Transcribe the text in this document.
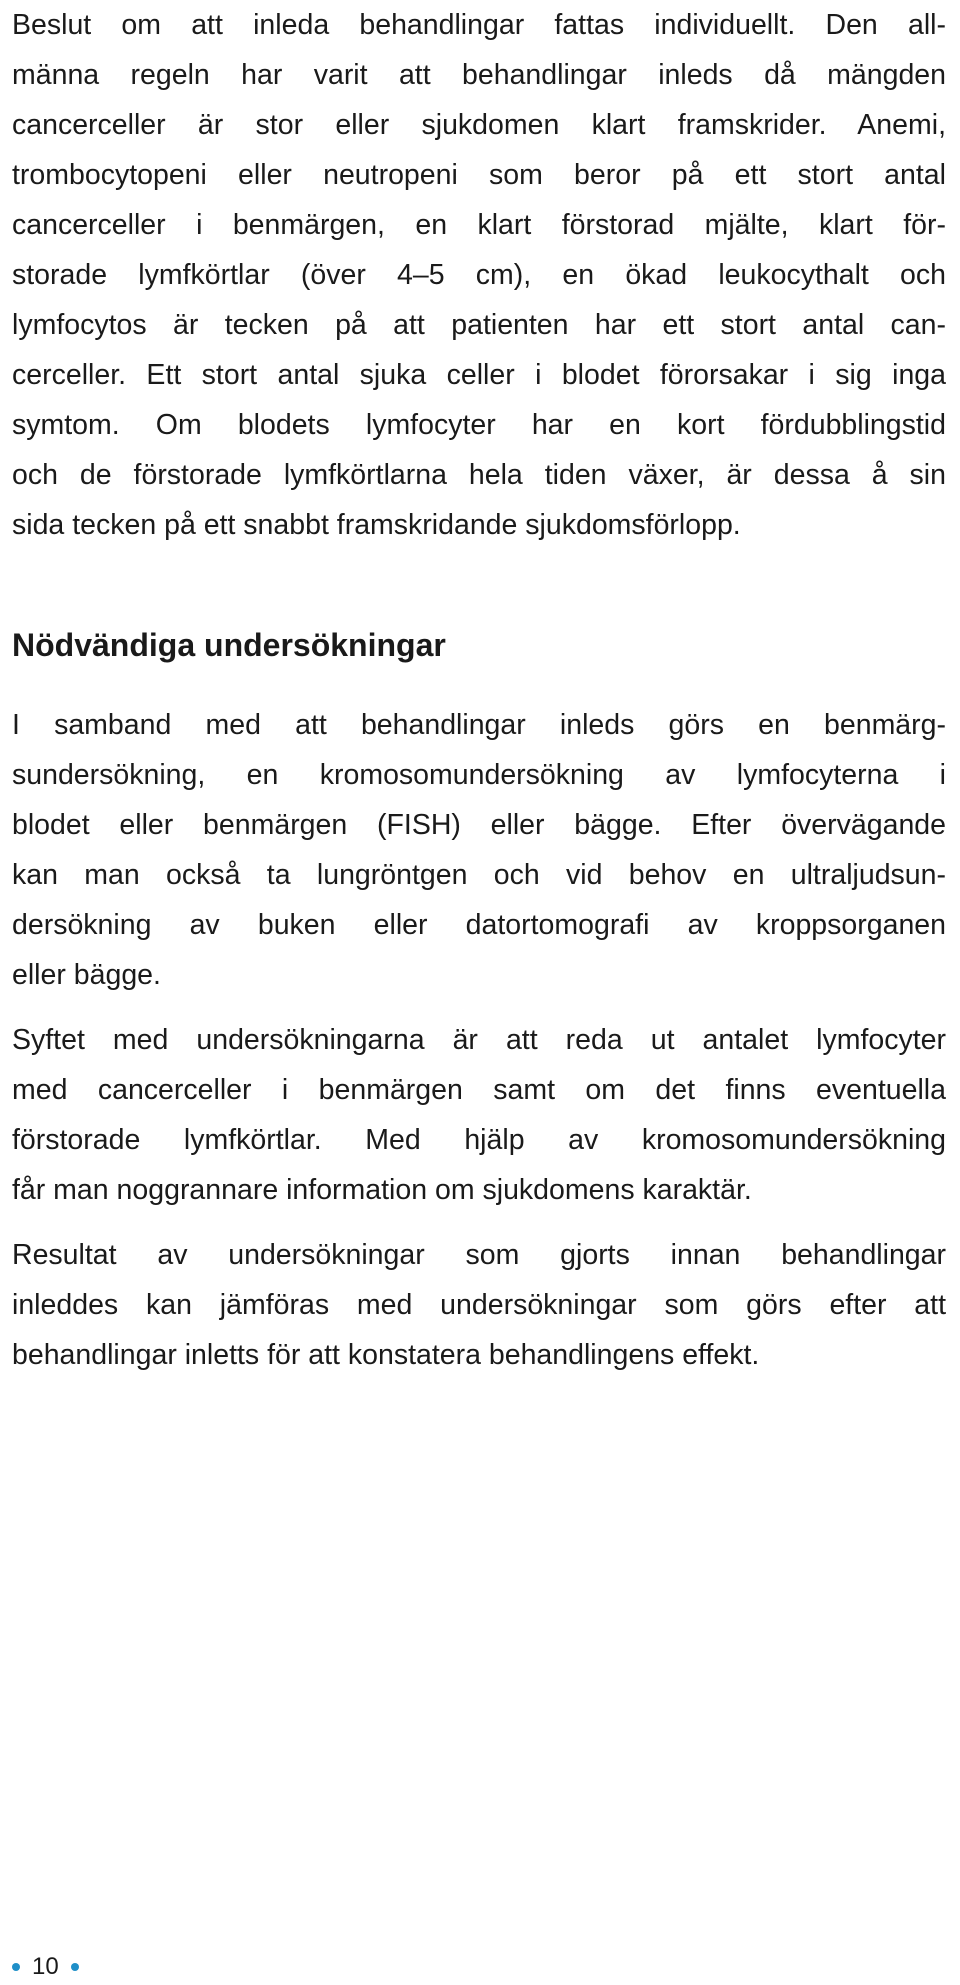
Beslut om att inleda behandlingar fattas individuellt. Den all-
männa regeln har varit att behandlingar inleds då mängden
cancerceller är stor eller sjukdomen klart framskrider. Anemi,
trombocytopeni eller neutropeni som beror på ett stort antal
cancerceller i benmärgen, en klart förstorad mjälte, klart för-
storade lymfkörtlar (över 4–5 cm), en ökad leukocythalt och
lymfocytos är tecken på att patienten har ett stort antal can-
cerceller. Ett stort antal sjuka celler i blodet förorsakar i sig inga
symtom. Om blodets lymfocyter har en kort fördubblingstid
och de förstorade lymfkörtlarna hela tiden växer, är dessa å sin
sida tecken på ett snabbt framskridande sjukdomsförlopp.
Nödvändiga undersökningar
I samband med att behandlingar inleds görs en benmärg-
sundersökning, en kromosomundersökning av lymfocyterna i
blodet eller benmärgen (FISH) eller bägge. Efter övervägande
kan man också ta lungröntgen och vid behov en ultraljudsun-
dersökning av buken eller datortomografi av kroppsorganen
eller bägge.
Syftet med undersökningarna är att reda ut antalet lymfocyter
med cancerceller i benmärgen samt om det finns eventuella
förstorade lymfkörtlar. Med hjälp av kromosomundersökning
får man noggrannare information om sjukdomens karaktär.
Resultat av undersökningar som gjorts innan behandlingar
inleddes kan jämföras med undersökningar som görs efter att
behandlingar inletts för att konstatera behandlingens effekt.
10
